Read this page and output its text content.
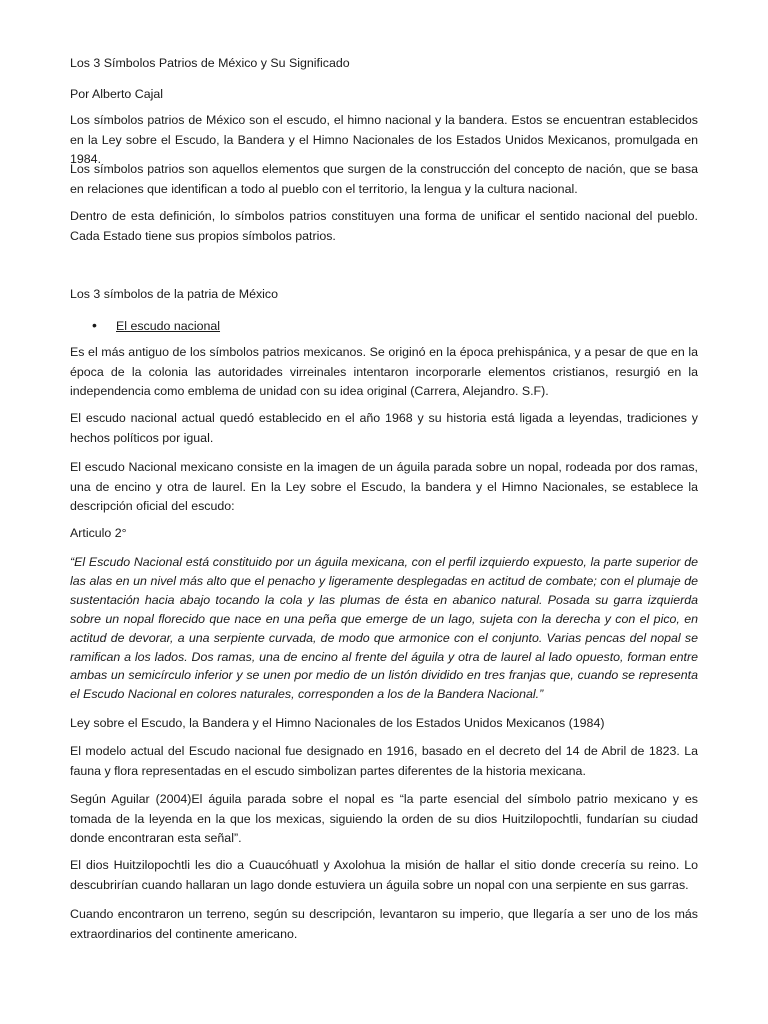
Los 3 Símbolos Patrios de México y Su Significado

Por Alberto Cajal

Los símbolos patrios de México son el escudo, el himno nacional y la bandera. Estos se encuentran establecidos en la Ley sobre el Escudo, la Bandera y el Himno Nacionales de los Estados Unidos Mexicanos, promulgada en 1984.

Los símbolos patrios son aquellos elementos que surgen de la construcción del concepto de nación, que se basa en relaciones que identifican a todo al pueblo con el territorio, la lengua y la cultura nacional.

Dentro de esta definición, lo símbolos patrios constituyen una forma de unificar el sentido nacional del pueblo. Cada Estado tiene sus propios símbolos patrios.

Los 3 símbolos de la patria de México

• El escudo nacional

Es el más antiguo de los símbolos patrios mexicanos. Se originó en la época prehispánica, y a pesar de que en la época de la colonia las autoridades virreinales intentaron incorporarle elementos cristianos, resurgió en la independencia como emblema de unidad con su idea original (Carrera, Alejandro. S.F).

El escudo nacional actual quedó establecido en el año 1968 y su historia está ligada a leyendas, tradiciones y hechos políticos por igual.

El escudo Nacional mexicano consiste en la imagen de un águila parada sobre un nopal, rodeada por dos ramas, una de encino y otra de laurel. En la Ley sobre el Escudo, la bandera y el Himno Nacionales, se establece la descripción oficial del escudo:

Articulo 2°

“El Escudo Nacional está constituido por un águila mexicana, con el perfil izquierdo expuesto, la parte superior de las alas en un nivel más alto que el penacho y ligeramente desplegadas en actitud de combate; con el plumaje de sustentación hacia abajo tocando la cola y las plumas de ésta en abanico natural. Posada su garra izquierda sobre un nopal florecido que nace en una peña que emerge de un lago, sujeta con la derecha y con el pico, en actitud de devorar, a una serpiente curvada, de modo que armonice con el conjunto. Varias pencas del nopal se ramifican a los lados. Dos ramas, una de encino al frente del águila y otra de laurel al lado opuesto, forman entre ambas un semicírculo inferior y se unen por medio de un listón dividido en tres franjas que, cuando se representa el Escudo Nacional en colores naturales, corresponden a los de la Bandera Nacional.”

Ley sobre el Escudo, la Bandera y el Himno Nacionales de los Estados Unidos Mexicanos (1984)

El modelo actual del Escudo nacional fue designado en 1916, basado en el decreto del 14 de Abril de 1823. La fauna y flora representadas en el escudo simbolizan partes diferentes de la historia mexicana.

Según Aguilar (2004)El águila parada sobre el nopal es “la parte esencial del símbolo patrio mexicano y es tomada de la leyenda en la que los mexicas, siguiendo la orden de su dios Huitzilopochtli, fundarían su ciudad donde encontraran esta señal”.

El dios Huitzilopochtli les dio a Cuaucóhuatl y Axolohua la misión de hallar el sitio donde crecería su reino. Lo descubrirían cuando hallaran un lago donde estuviera un águila sobre un nopal con una serpiente en sus garras.

Cuando encontraron un terreno, según su descripción, levantaron su imperio, que llegaría a ser uno de los más extraordinarios del continente americano.
